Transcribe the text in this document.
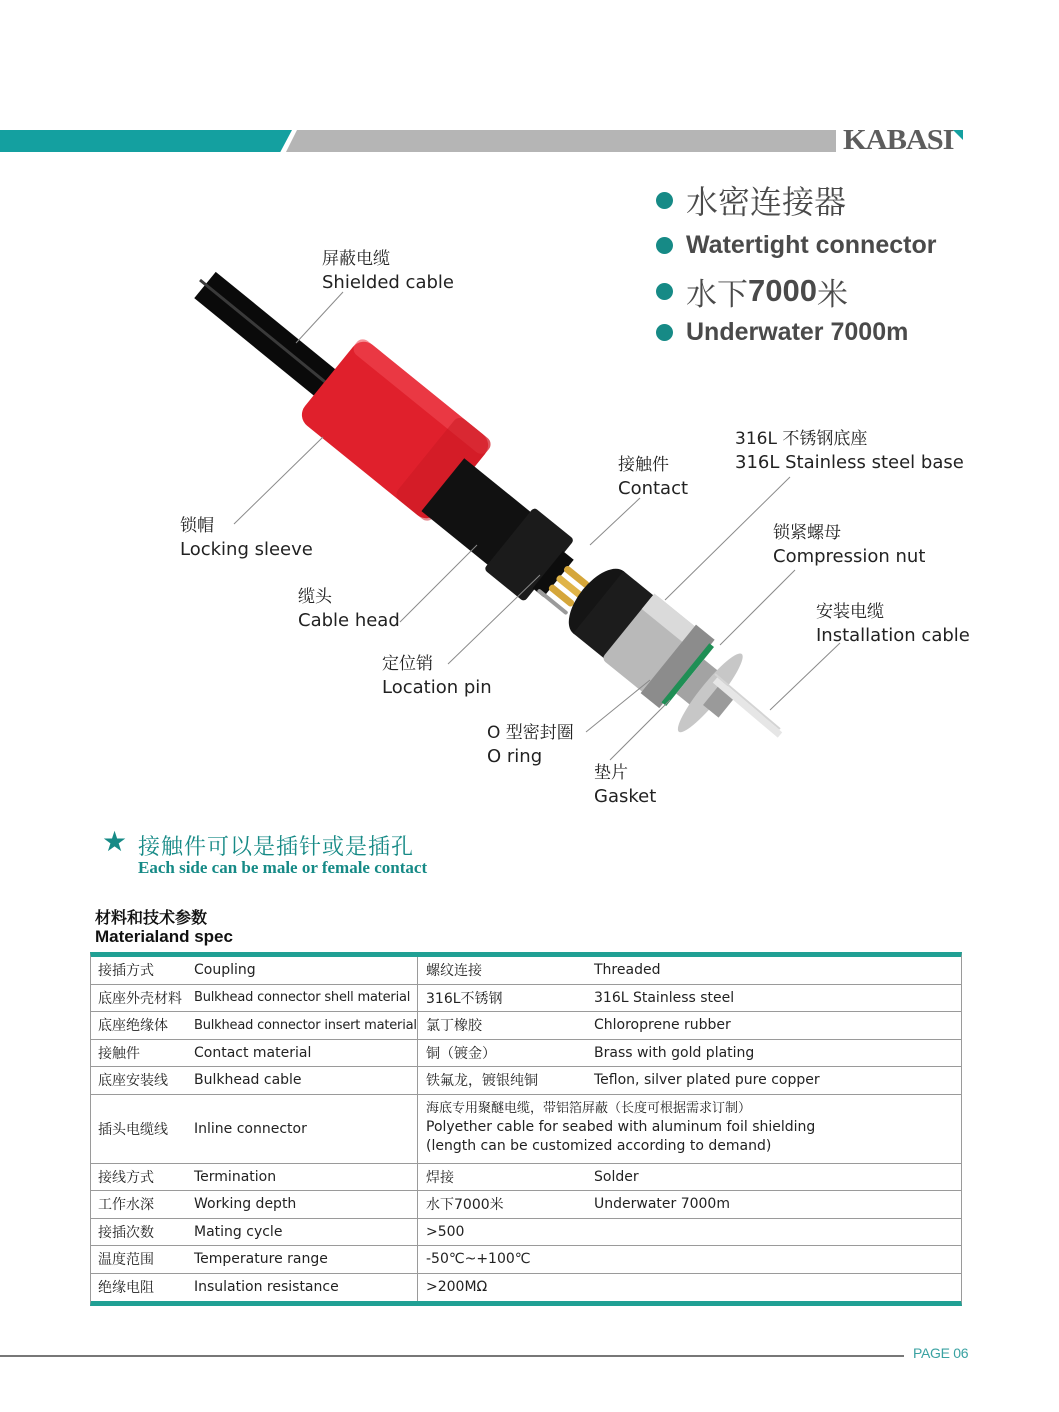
KABASI
水密连接器
Watertight connector
水下 7000 米
Underwater 7000m
屏蔽电缆
Shielded cable
锁帽
Locking sleeve
缆头
Cable head
定位销
Location pin
O 型密封圈
O ring
垫片
Gasket
接触件
Contact
316L 不锈钢底座
316L Stainless steel base
锁紧螺母
Compression nut
安装电缆
Installation cable
★ 接触件可以是插针或是插孔
Each side can be male or female contact
材料和技术参数
Materialand spec
接插方式	Coupling	螺纹连接	Threaded
底座外壳材料 Bulkhead connector shell material	316L不锈钢	316L Stainless steel
底座绝缘体	Bulkhead connector insert material 氯丁橡胶	Chloroprene rubber
接触件	Contact material	铜（镀金）	Brass with gold plating
底座安装线	Bulkhead cable	铁氟龙，镀银纯铜	Teflon, silver plated pure copper
插头电缆线	Inline connector
海底专用聚醚电缆，带铝箔屏蔽（长度可根据需求订制）
Polyether cable for seabed with aluminum foil shielding
(length can be customized according to demand)
接线方式	Termination	焊接	Solder
工作水深	Working depth	水下7000米	Underwater 7000m
接插次数	Mating cycle	>500
温度范围	Temperature range	-50℃~+100℃
绝缘电阻	Insulation resistance	>200MΩ
PAGE 06
